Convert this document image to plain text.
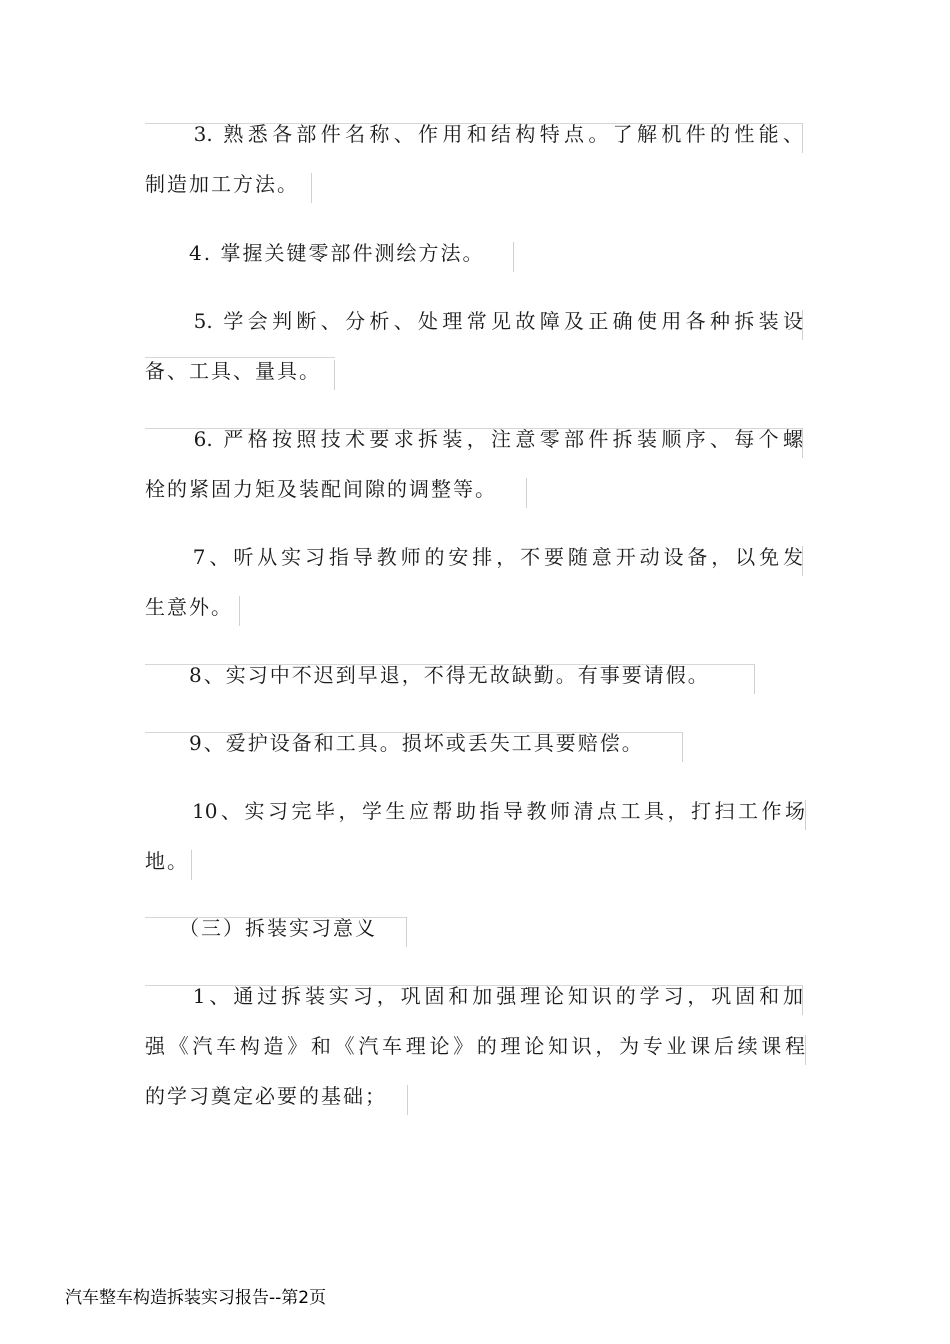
　　3. 熟悉各部件名称、作用和结构特点。了解机件的性能、
制造加工方法。
　　4. 掌握关键零部件测绘方法。
　　5. 学会判断、分析、处理常见故障及正确使用各种拆装设
备、工具、量具。
　　6. 严格按照技术要求拆装，注意零部件拆装顺序、每个螺
栓的紧固力矩及装配间隙的调整等。
　　7、听从实习指导教师的安排，不要随意开动设备，以免发
生意外。
　　8、实习中不迟到早退，不得无故缺勤。有事要请假。
　　9、爱护设备和工具。损坏或丢失工具要赔偿。
　　10、实习完毕，学生应帮助指导教师清点工具，打扫工作场
地。
　　（三）拆装实习意义
　　1、通过拆装实习，巩固和加强理论知识的学习，巩固和加
强《汽车构造》和《汽车理论》的理论知识，为专业课后续课程
的学习奠定必要的基础；
汽车整车构造拆装实习报告--第2页
